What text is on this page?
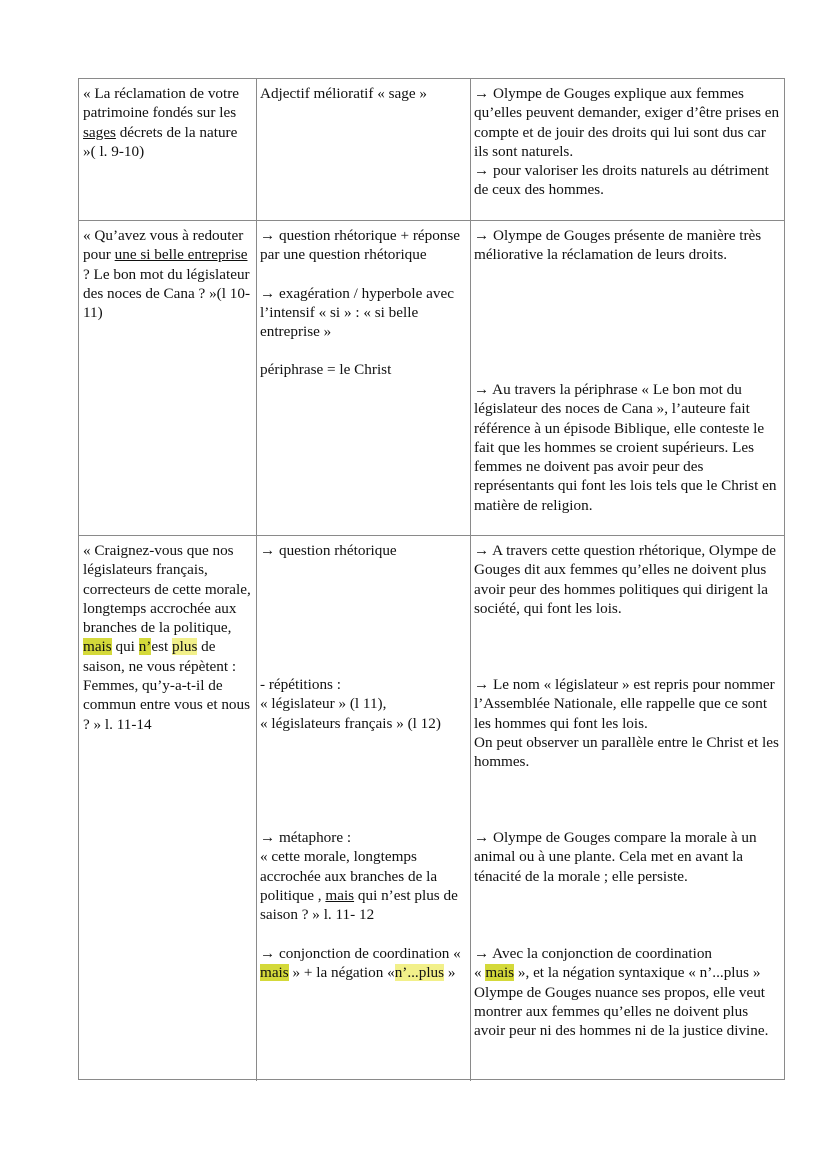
« La réclamation de votre patrimoine fondés sur les sages décrets de la nature »( l. 9-10)

Adjectif mélioratif « sage »	→ Olympe de Gouges explique aux femmes qu’elles peuvent demander, exiger d’être prises en compte et de jouir des droits qui lui sont dus car ils sont naturels.

→ pour valoriser les droits naturels au détriment de ceux des hommes.

« Qu’avez vous à redouter pour une si belle entreprise ? Le bon mot du législateur des noces de Cana ? »(l 10-11)

→ question rhétorique + réponse par une question rhétorique

→ exagération / hyperbole avec l’intensif « si » : « si belle entreprise »

périphrase = le Christ

→ Olympe de Gouges présente de manière très méliorative la réclamation de leurs droits.

→ Au travers la périphrase « Le bon mot du législateur des noces de Cana », l’auteure fait référence à un épisode Biblique, elle conteste le fait que les hommes se croient supérieurs. Les femmes ne doivent pas avoir peur des représentants qui font les lois tels que le Christ en matière de religion.

« Craignez-vous que nos législateurs français, correcteurs de cette morale, longtemps accrochée aux branches de la politique,
mais qui n’est plus de saison, ne vous répètent : Femmes, qu’y-a-t-il de commun entre vous et nous ? » l. 11-14

→ question rhétorique

- répétitions :

« législateur » (l 11),

« législateurs français » (l 12)

→ métaphore :

« cette morale, longtemps accrochée aux branches de la politique , mais qui n’est plus de saison ? » l. 11- 12

→ conjonction de coordination « mais » + la négation «n’...plus »

→ A travers cette question rhétorique, Olympe de Gouges dit aux femmes qu’elles ne doivent plus avoir peur des hommes politiques qui dirigent la société, qui font les lois.

→ Le nom « législateur » est repris pour nommer l’Assemblée Nationale, elle rappelle que ce sont les hommes qui font les lois.

On peut observer un parallèle entre le Christ et les hommes.

→ Olympe de Gouges compare la morale à un animal ou à une plante. Cela met en avant la ténacité de la morale ; elle persiste.

→ Avec la conjonction de coordination

« mais », et la négation syntaxique « n’...plus » Olympe de Gouges nuance ses propos, elle veut montrer aux femmes qu’elles ne doivent plus avoir peur ni des hommes ni de la justice divine.
